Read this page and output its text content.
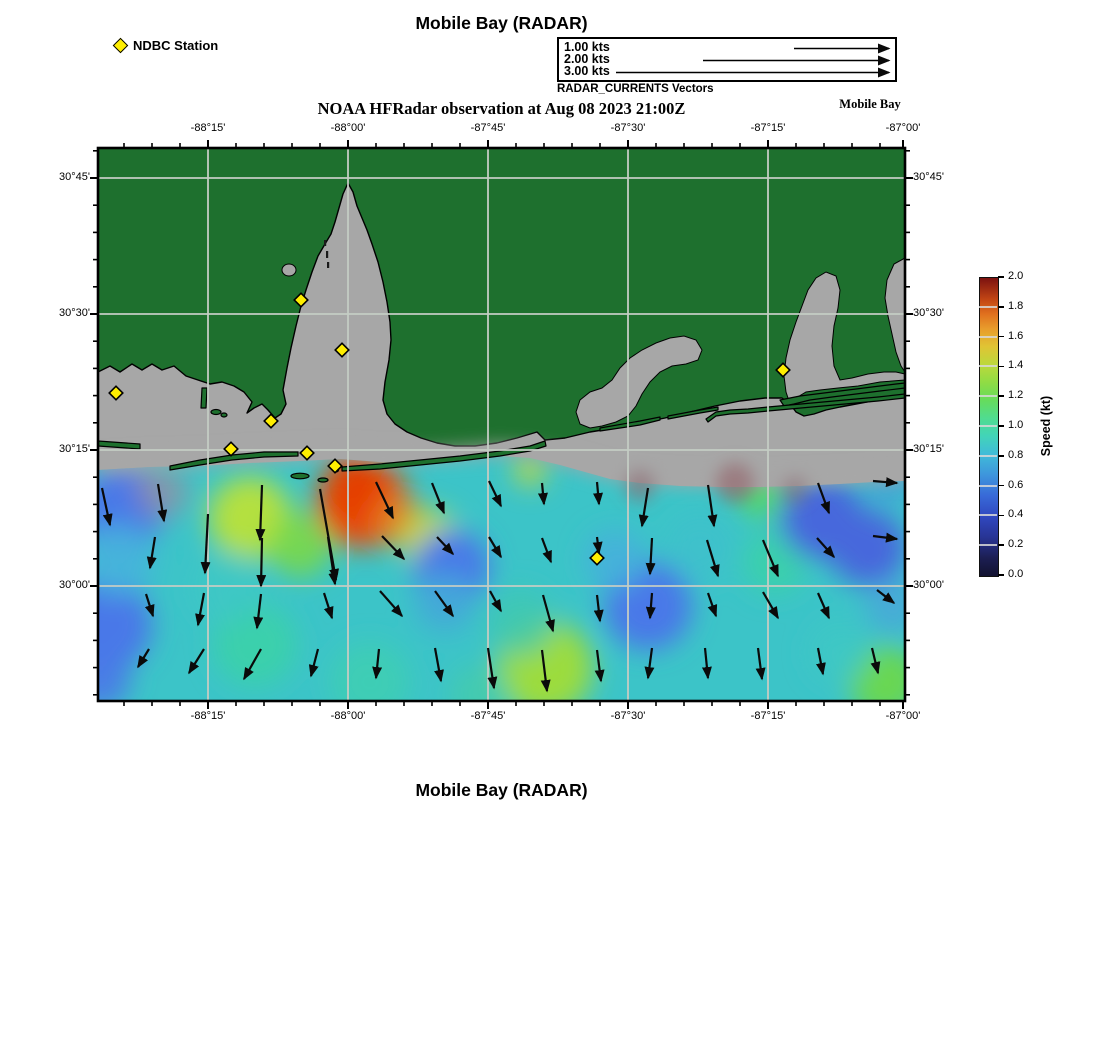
Mobile Bay (RADAR)
NDBC Station	1.00 kts
2.00 kts
3.00 kts
RADAR_CURRENTS Vectors
NOAA HFRadar observation at Aug 08 2023 21:00Z	Mobile Bay
-88°15'
-88°15'
-88°00'
-88°00'
-87°45'
-87°45'
-87°30'
-87°30'
-87°15'
-87°15'
-87°00'
-87°00'
30°45'	30°45'
30°30'	30°30'
30°15'	30°15'
30°00'	30°00'
2.0
1.8
1.6
1.4
1.2
1.0
0.8
0.6
0.4
0.2
0.0
Speed (kt)
Mobile Bay (RADAR)
